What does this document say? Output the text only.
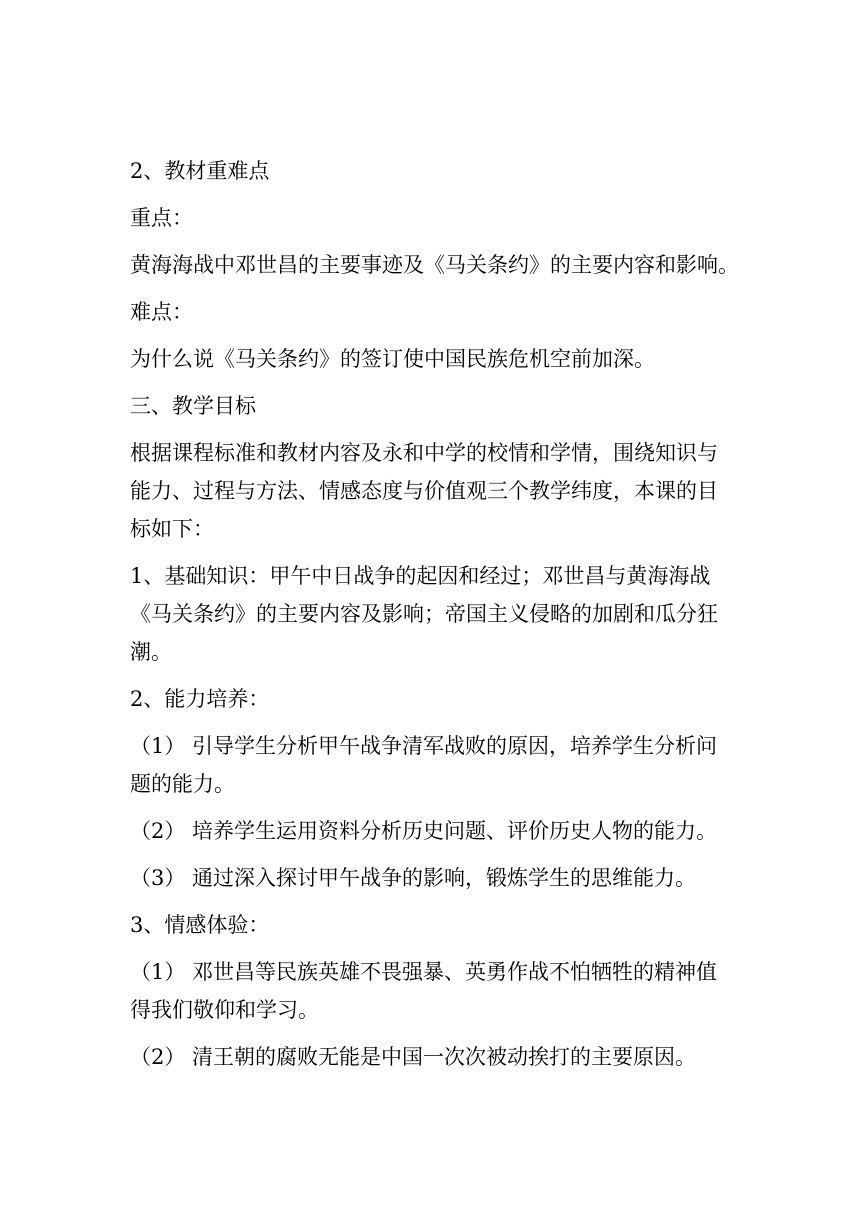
2、教材重难点
重点：
黄海海战中邓世昌的主要事迹及《马关条约》的主要内容和影响。
难点：
为什么说《马关条约》的签订使中国民族危机空前加深。
三、教学目标
根据课程标准和教材内容及永和中学的校情和学情，围绕知识与
能力、过程与方法、情感态度与价值观三个教学纬度，本课的目
标如下：
1、基础知识：甲午中日战争的起因和经过；邓世昌与黄海海战
《马关条约》的主要内容及影响；帝国主义侵略的加剧和瓜分狂
潮。
2、能力培养：
（1） 引导学生分析甲午战争清军战败的原因，培养学生分析问
题的能力。
（2） 培养学生运用资料分析历史问题、评价历史人物的能力。
（3） 通过深入探讨甲午战争的影响，锻炼学生的思维能力。
3、情感体验：
（1） 邓世昌等民族英雄不畏强暴、英勇作战不怕牺牲的精神值
得我们敬仰和学习。
（2） 清王朝的腐败无能是中国一次次被动挨打的主要原因。
